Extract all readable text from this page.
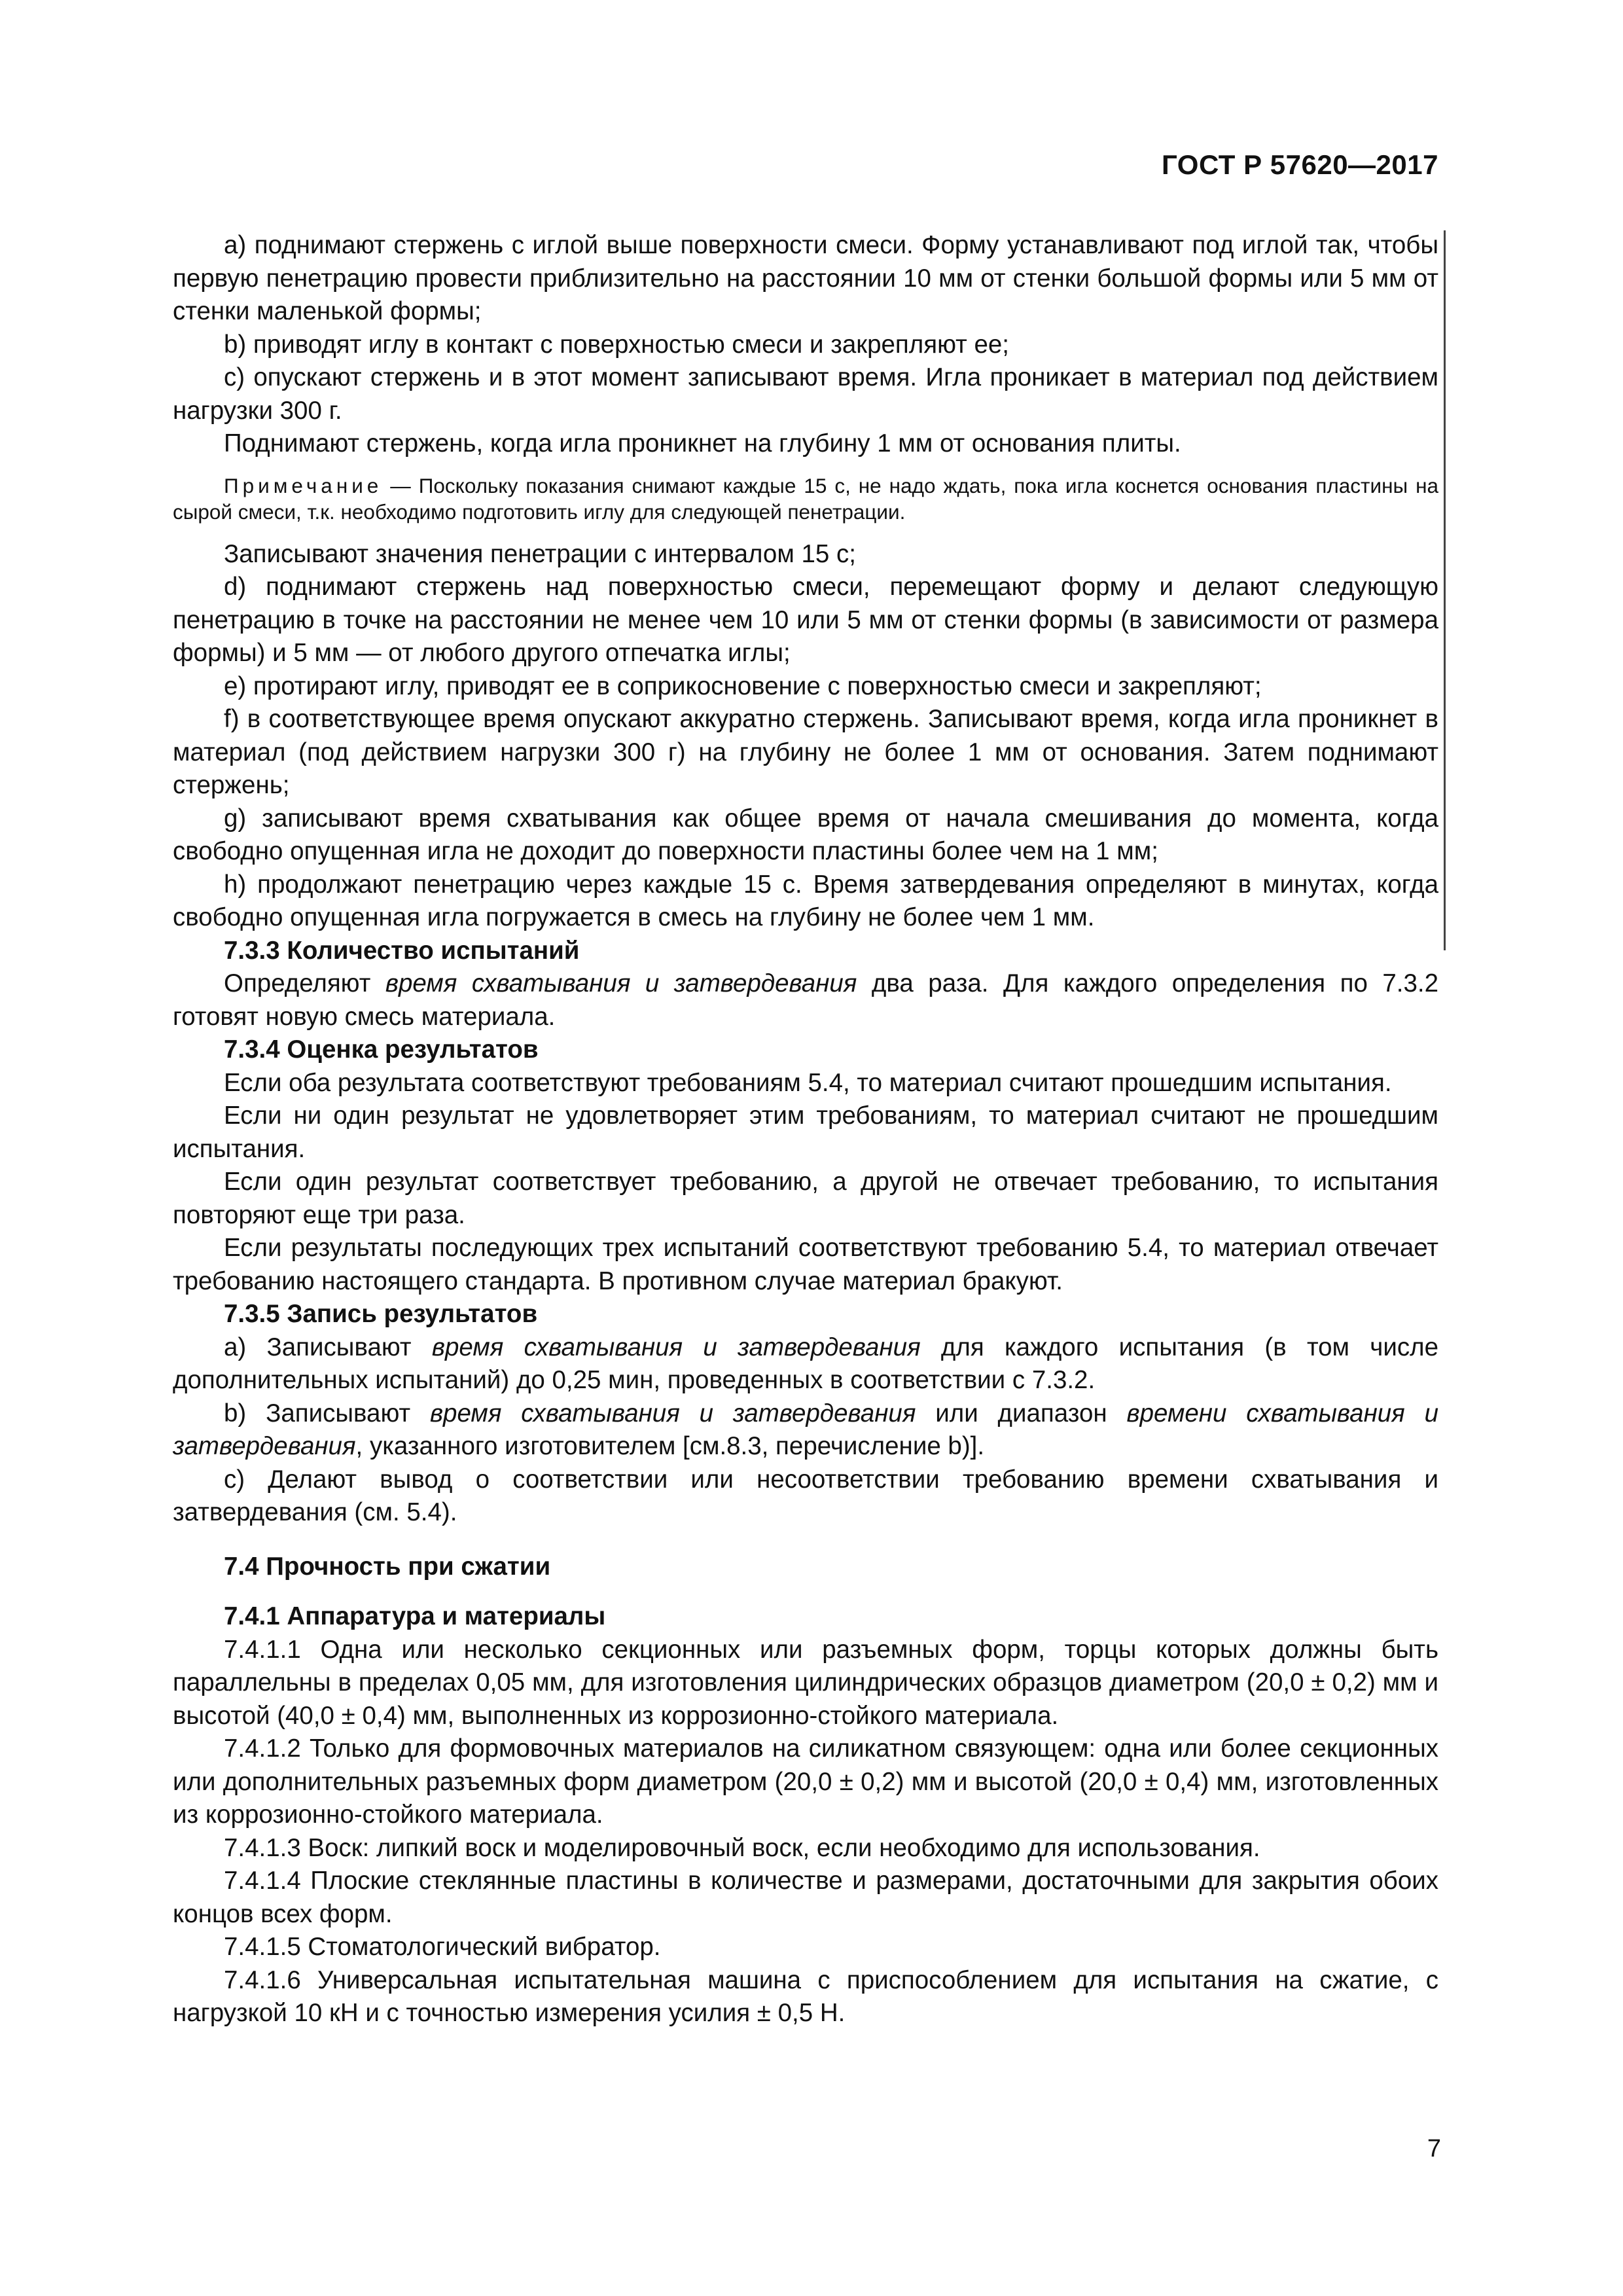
ГОСТ Р 57620—2017

а) поднимают стержень с иглой выше поверхности смеси. Форму устанавливают под иглой так, чтобы первую пенетрацию провести приблизительно на расстоянии 10 мм от стенки большой формы или 5 мм от стенки маленькой формы;

b) приводят иглу в контакт с поверхностью смеси и закрепляют ее;

с) опускают стержень и в этот момент записывают время. Игла проникает в материал под действием нагрузки 300 г.

Поднимают стержень, когда игла проникнет на глубину 1 мм от основания плиты.

Примечание — Поскольку показания снимают каждые 15 с, не надо ждать, пока игла коснется основания пластины на сырой смеси, т.к. необходимо подготовить иглу для следующей пенетрации.

Записывают значения пенетрации с интервалом 15 с;

d) поднимают стержень над поверхностью смеси, перемещают форму и делают следующую пенетрацию в точке на расстоянии не менее чем 10 или 5 мм от стенки формы (в зависимости от размера формы) и 5 мм — от любого другого отпечатка иглы;

е) протирают иглу, приводят ее в соприкосновение с поверхностью смеси и закрепляют;

f) в соответствующее время опускают аккуратно стержень. Записывают время, когда игла проникнет в материал (под действием нагрузки 300 г) на глубину не более 1 мм от основания. Затем поднимают стержень;

g) записывают время схватывания как общее время от начала смешивания до момента, когда свободно опущенная игла не доходит до поверхности пластины более чем на 1 мм;

h) продолжают пенетрацию через каждые 15 с. Время затвердевания определяют в минутах, когда свободно опущенная игла погружается в смесь на глубину не более чем 1 мм.

7.3.3 Количество испытаний

Определяют время схватывания и затвердевания два раза. Для каждого определения по 7.3.2 готовят новую смесь материала.

7.3.4 Оценка результатов

Если оба результата соответствуют требованиям 5.4, то материал считают прошедшим испытания.

Если ни один результат не удовлетворяет этим требованиям, то материал считают не прошедшим испытания.

Если один результат соответствует требованию, а другой не отвечает требованию, то испытания повторяют еще три раза.

Если результаты последующих трех испытаний соответствуют требованию 5.4, то материал отвечает требованию настоящего стандарта. В противном случае материал бракуют.

7.3.5 Запись результатов

а) Записывают время схватывания и затвердевания для каждого испытания (в том числе дополнительных испытаний) до 0,25 мин, проведенных в соответствии с 7.3.2.

b) Записывают время схватывания и затвердевания или диапазон времени схватывания и затвердевания, указанного изготовителем [см.8.3, перечисление b)].

с) Делают вывод о соответствии или несоответствии требованию времени схватывания и затвердевания (см. 5.4).

7.4 Прочность при сжатии

7.4.1 Аппаратура и материалы

7.4.1.1 Одна или несколько секционных или разъемных форм, торцы которых должны быть параллельны в пределах 0,05 мм, для изготовления цилиндрических образцов диаметром (20,0 ± 0,2) мм и высотой (40,0 ± 0,4) мм, выполненных из коррозионно-стойкого материала.

7.4.1.2 Только для формовочных материалов на силикатном связующем: одна или более секционных или дополнительных разъемных форм диаметром (20,0 ± 0,2) мм и высотой (20,0 ± 0,4) мм, изготовленных из коррозионно-стойкого материала.

7.4.1.3 Воск: липкий воск и моделировочный воск, если необходимо для использования.

7.4.1.4 Плоские стеклянные пластины в количестве и размерами, достаточными для закрытия обоих концов всех форм.

7.4.1.5 Стоматологический вибратор.

7.4.1.6 Универсальная испытательная машина с приспособлением для испытания на сжатие, с нагрузкой 10 кН и с точностью измерения усилия ± 0,5 Н.

7
